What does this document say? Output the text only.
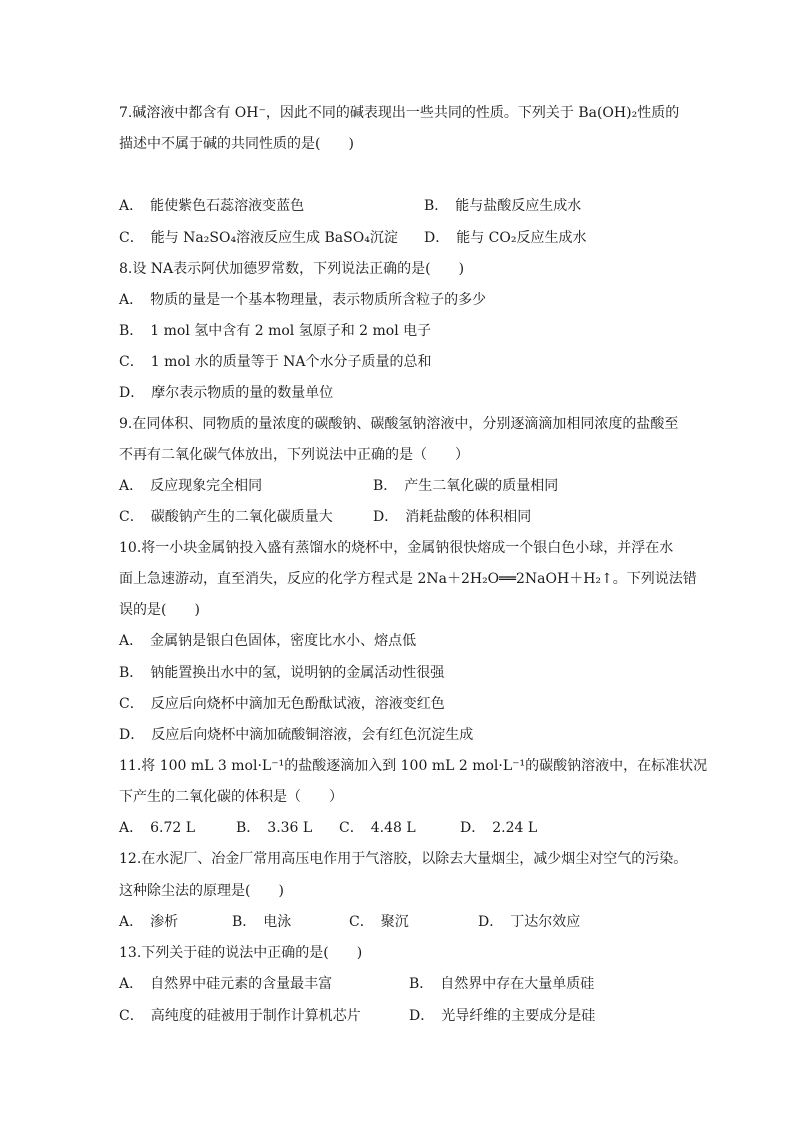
7.碱溶液中都含有 OH⁻，因此不同的碱表现出一些共同的性质。下列关于 Ba(OH)₂性质的
描述中不属于碱的共同性质的是(　　)
A．　能使紫色石蕊溶液变蓝色	B．　能与盐酸反应生成水
C．　能与 Na₂SO₄溶液反应生成 BaSO₄沉淀 D．　能与 CO₂反应生成水
8.设 NA表示阿伏加德罗常数，下列说法正确的是(　　)
A．　物质的量是一个基本物理量，表示物质所含粒子的多少
B．　1 mol 氢中含有 2 mol 氢原子和 2 mol 电子
C．　1 mol 水的质量等于 NA个水分子质量的总和
D．　摩尔表示物质的量的数量单位
9.在同体积、同物质的量浓度的碳酸钠、碳酸氢钠溶液中，分别逐滴滴加相同浓度的盐酸至
不再有二氧化碳气体放出，下列说法中正确的是（　　）
A．　反应现象完全相同	B．　产生二氧化碳的质量相同
C．　碳酸钠产生的二氧化碳质量大	D．　消耗盐酸的体积相同
10.将一小块金属钠投入盛有蒸馏水的烧杯中，金属钠很快熔成一个银白色小球，并浮在水
面上急速游动，直至消失，反应的化学方程式是 2Na＋2H₂O══2NaOH＋H₂↑。下列说法错
误的是(　　)
A．　金属钠是银白色固体，密度比水小、熔点低
B．　钠能置换出水中的氢，说明钠的金属活动性很强
C．　反应后向烧杯中滴加无色酚酞试液，溶液变红色
D．　反应后向烧杯中滴加硫酸铜溶液，会有红色沉淀生成
11.将 100 mL 3 mol·L⁻¹的盐酸逐滴加入到 100 mL 2 mol·L⁻¹的碳酸钠溶液中，在标准状况
下产生的二氧化碳的体积是（　　）
A．　6.72 L	B．　3.36 L C．　4.48 L	D．　2.24 L
12.在水泥厂、冶金厂常用高压电作用于气溶胶，以除去大量烟尘，减少烟尘对空气的污染。
这种除尘法的原理是(　　)
A．　渗析	B．　电泳	C．　聚沉	D．　丁达尔效应
13.下列关于硅的说法中正确的是(　　)
A．　自然界中硅元素的含量最丰富	B．　自然界中存在大量单质硅
C．　高纯度的硅被用于制作计算机芯片	D．　光导纤维的主要成分是硅
